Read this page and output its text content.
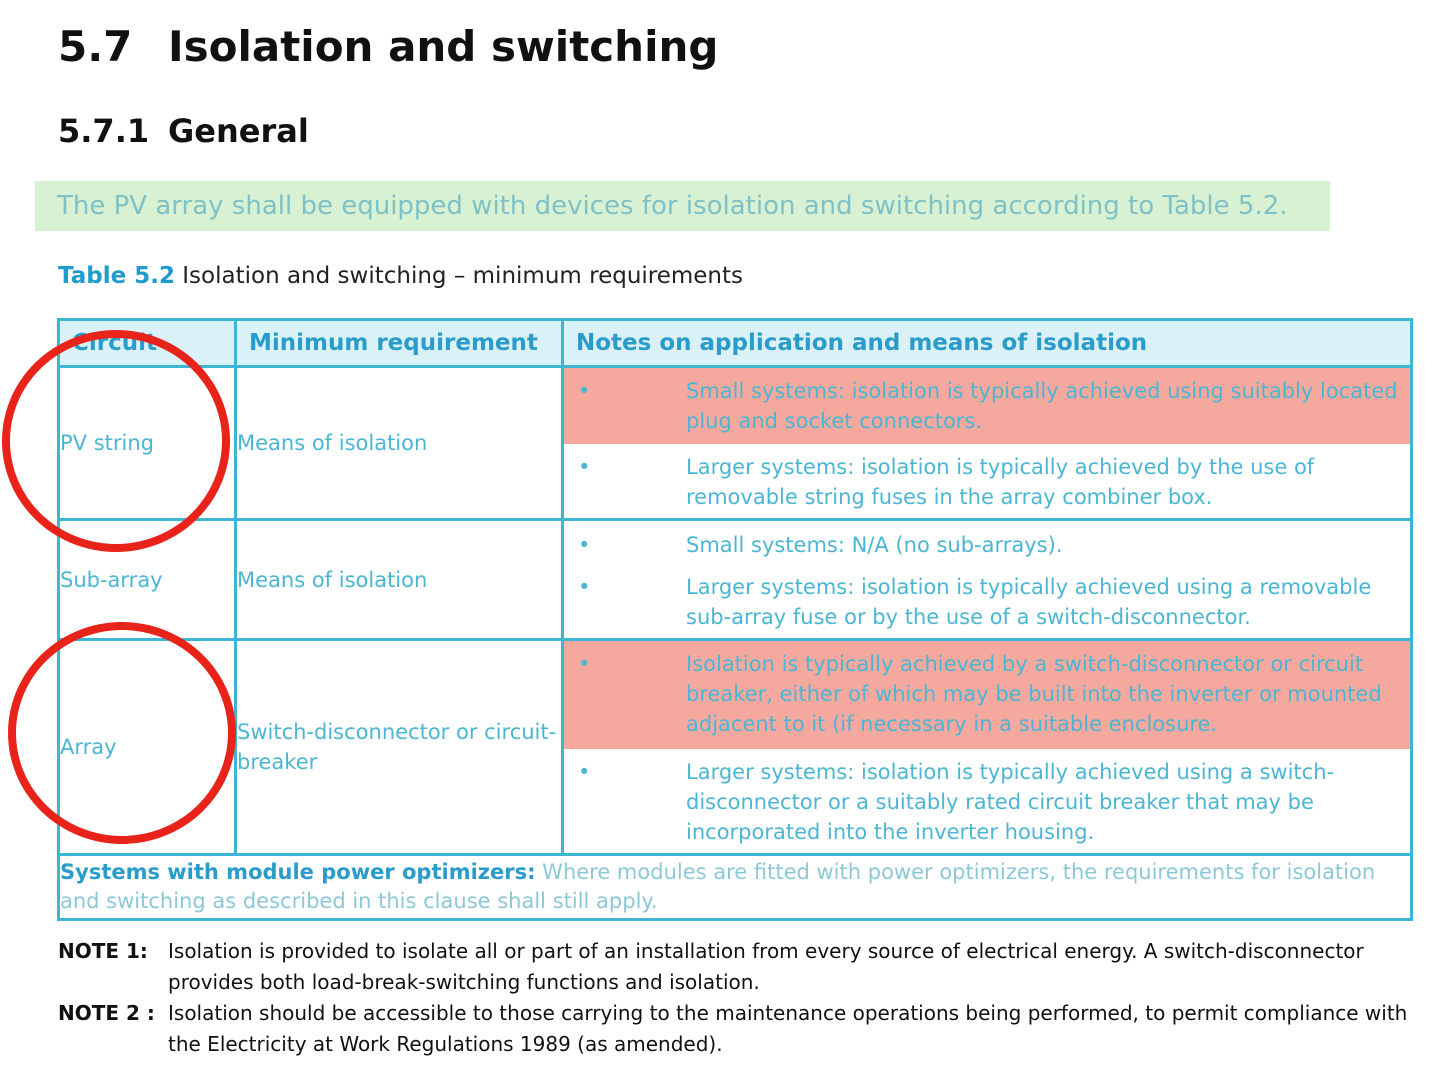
5.7 Isolation and switching
5.7.1 General
The PV array shall be equipped with devices for isolation and switching according to Table 5.2.
Table 5.2 Isolation and switching – minimum requirements
Circuit	Minimum requirement	Notes on application and means of isolation
PV string	Means of isolation	
•	Small systems: isolation is typically achieved using suitably located plug and socket connectors.
•	Larger systems: isolation is typically achieved by the use of removable string fuses in the array combiner box.

Sub-array	Means of isolation	
•	Small systems: N/A (no sub-arrays).
•	Larger systems: isolation is typically achieved using a removable sub-array fuse or by the use of a switch-disconnector.

Array	Switch-disconnector or circuit-breaker	
•	Isolation is typically achieved by a switch-disconnector or circuit breaker, either of which may be built into the inverter or mounted adjacent to it (if necessary in a suitable enclosure.
•	Larger systems: isolation is typically achieved using a switch-disconnector or a suitably rated circuit breaker that may be incorporated into the inverter housing.

Systems with module power optimizers: Where modules are fitted with power optimizers, the requirements for isolation and switching as described in this clause shall still apply.
NOTE 1:	Isolation is provided to isolate all or part of an installation from every source of electrical energy. A switch-disconnector provides both load-break-switching functions and isolation.
NOTE 2 : Isolation should be accessible to those carrying to the maintenance operations being performed, to permit compliance with the Electricity at Work Regulations 1989 (as amended).
